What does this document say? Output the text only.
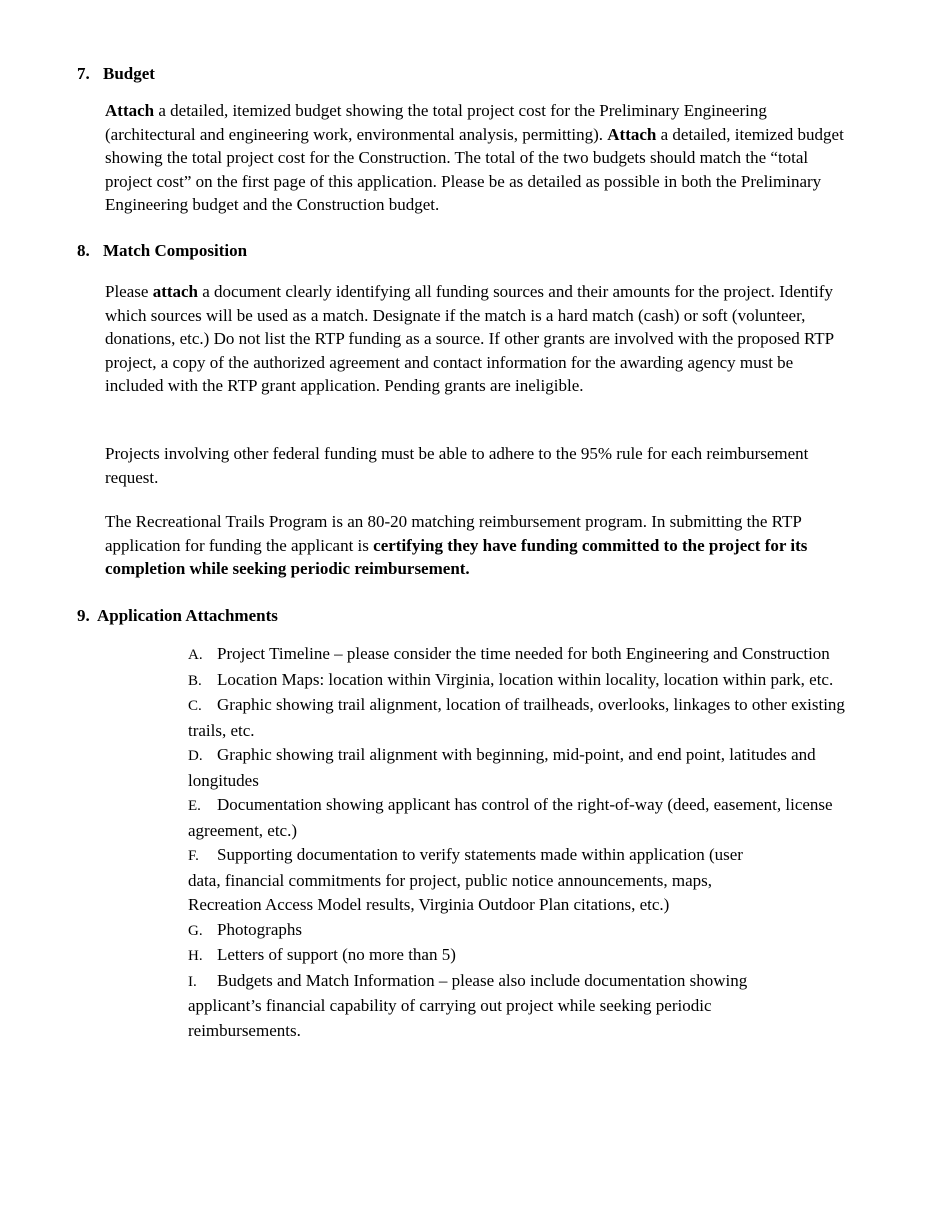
7. Budget

Attach a detailed, itemized budget showing the total project cost for the Preliminary Engineering (architectural and engineering work, environmental analysis, permitting). Attach a detailed, itemized budget showing the total project cost for the Construction. The total of the two budgets should match the “total project cost” on the first page of this application. Please be as detailed as possible in both the Preliminary Engineering budget and the Construction budget.

8. Match Composition

Please attach a document clearly identifying all funding sources and their amounts for the project. Identify which sources will be used as a match. Designate if the match is a hard match (cash) or soft (volunteer, donations, etc.) Do not list the RTP funding as a source. If other grants are involved with the proposed RTP project, a copy of the authorized agreement and contact information for the awarding agency must be included with the RTP grant application. Pending grants are ineligible.

Projects involving other federal funding must be able to adhere to the 95% rule for each reimbursement request.

The Recreational Trails Program is an 80-20 matching reimbursement program. In submitting the RTP application for funding the applicant is certifying they have funding committed to the project for its completion while seeking periodic reimbursement.

9. Application Attachments
A. Project Timeline – please consider the time needed for both Engineering and Construction
B. Location Maps: location within Virginia, location within locality, location within park, etc.
C. Graphic showing trail alignment, location of trailheads, overlooks, linkages to other existing trails, etc.
D. Graphic showing trail alignment with beginning, mid-point, and end point, latitudes and longitudes
E. Documentation showing applicant has control of the right-of-way (deed, easement, license agreement, etc.)
F. Supporting documentation to verify statements made within application (user data, financial commitments for project, public notice announcements, maps, Recreation Access Model results, Virginia Outdoor Plan citations, etc.)
G. Photographs
H. Letters of support (no more than 5)
I. Budgets and Match Information – please also include documentation showing applicant’s financial capability of carrying out project while seeking periodic reimbursements.
